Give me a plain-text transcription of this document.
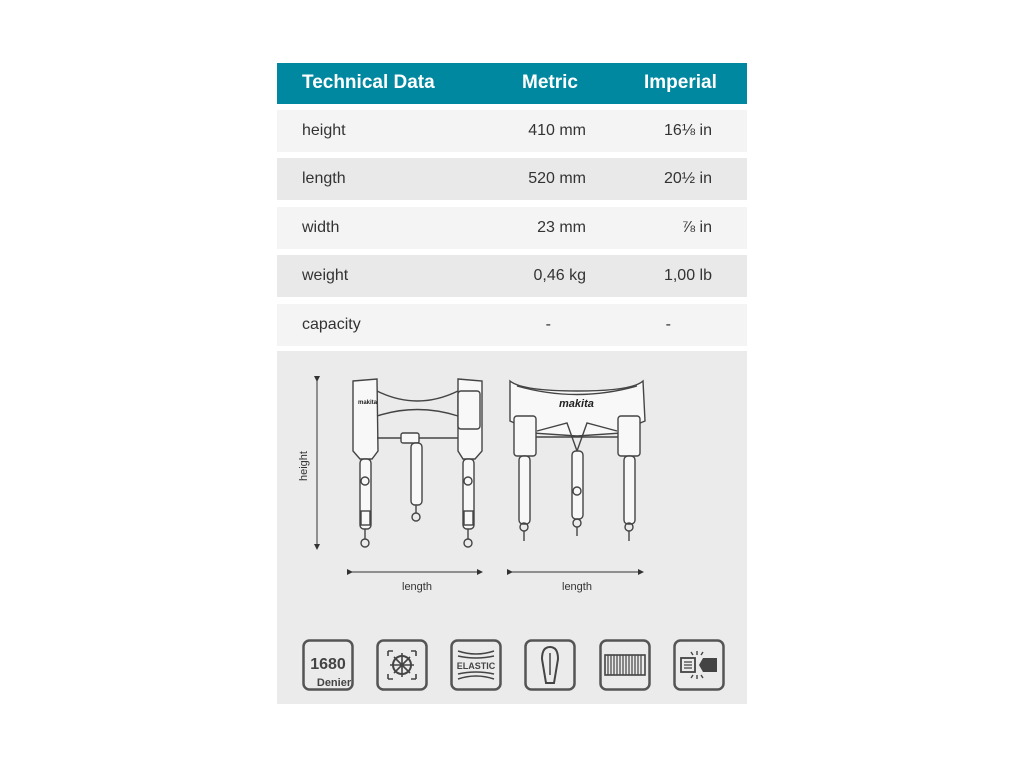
Technical Data	Metric	Imperial
height	410 mm	16⅛ in
length	520 mm	20½ in
width	23 mm	⅞ in
weight	0,46 kg	1,00 lb
capacity	-	-
height
makita	makita
length	length
1680
Denier
ELASTIC
